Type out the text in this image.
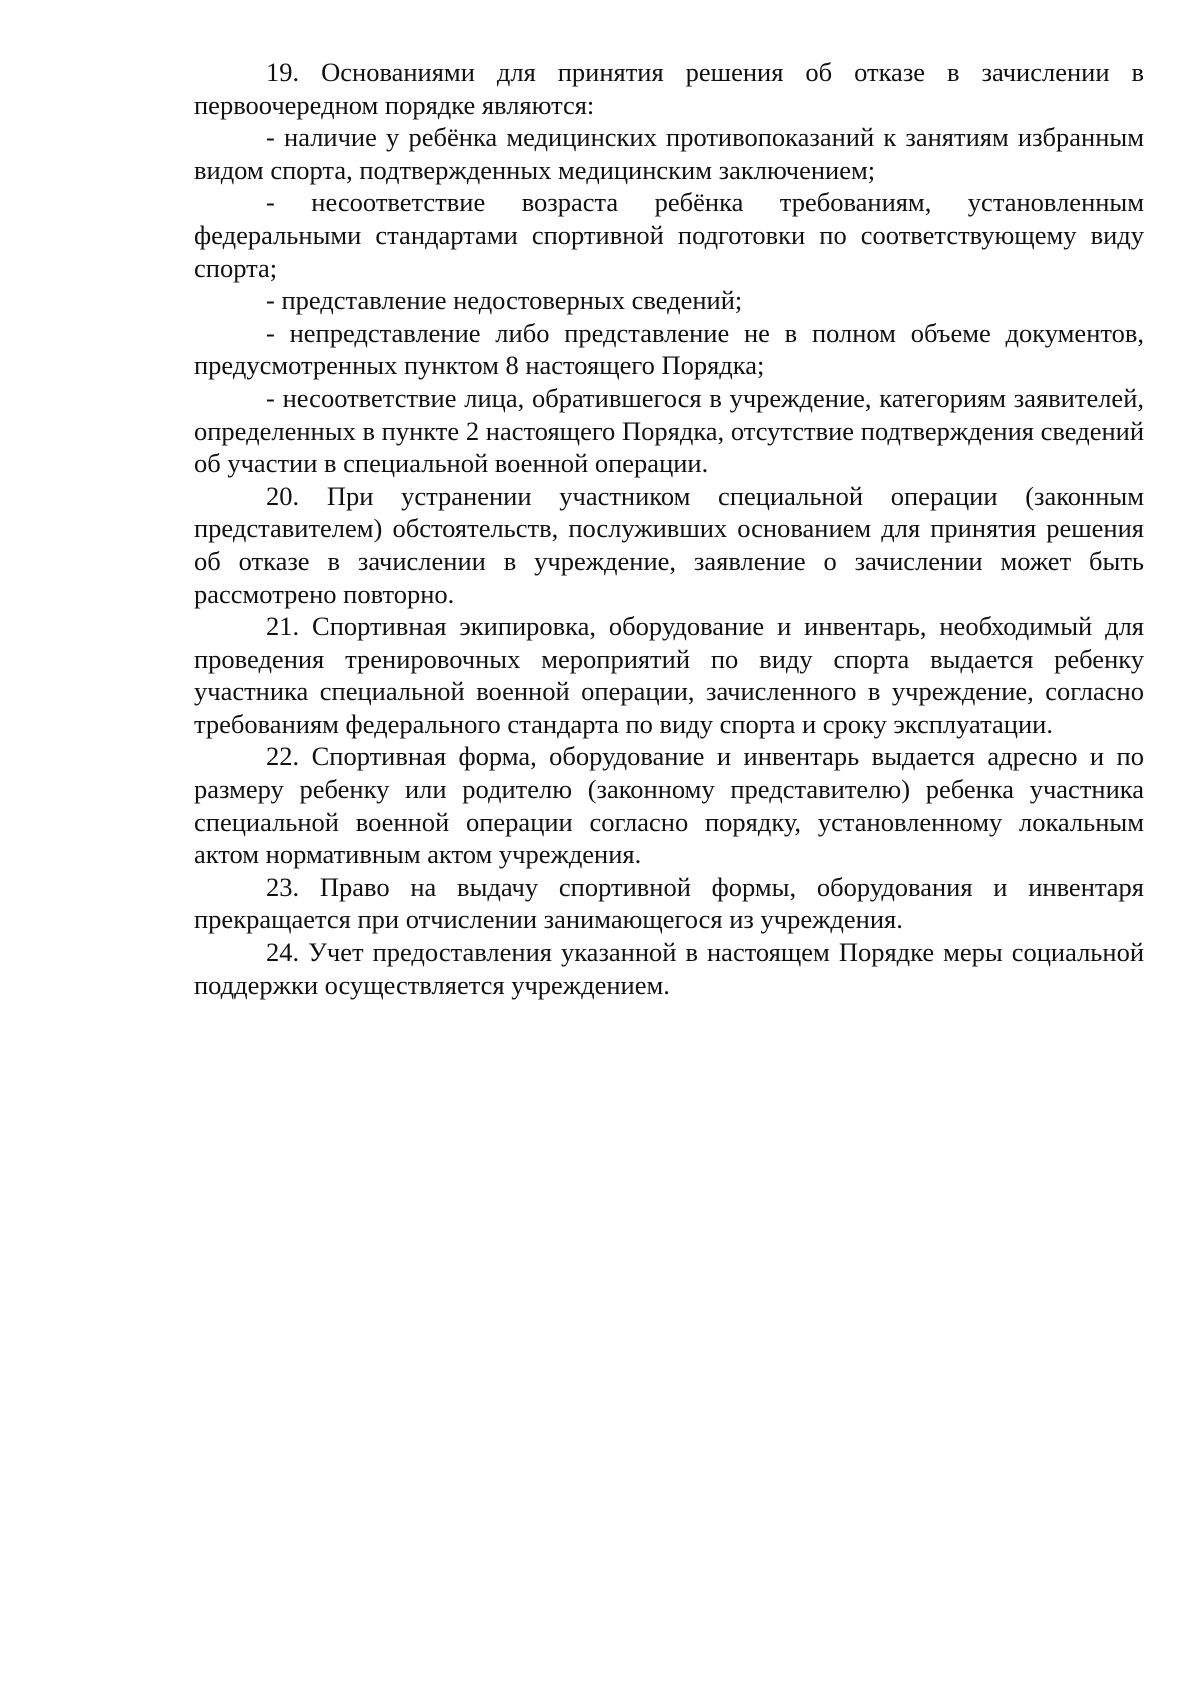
19. Основаниями для принятия решения об отказе в зачислении в первоочередном порядке являются:

- наличие у ребёнка медицинских противопоказаний к занятиям избранным видом спорта, подтвержденных медицинским заключением;

- несоответствие возраста ребёнка требованиям, установленным федеральными стандартами спортивной подготовки по соответствующему виду спорта;

- представление недостоверных сведений;

- непредставление либо представление не в полном объеме документов, предусмотренных пунктом 8 настоящего Порядка;

- несоответствие лица, обратившегося в учреждение, категориям заявителей, определенных в пункте 2 настоящего Порядка, отсутствие подтверждения сведений об участии в специальной военной операции.

20. При устранении участником специальной операции (законным представителем) обстоятельств, послуживших основанием для принятия решения об отказе в зачислении в учреждение, заявление о зачислении может быть рассмотрено повторно.

21. Спортивная экипировка, оборудование и инвентарь, необходимый для проведения тренировочных мероприятий по виду спорта выдается ребенку участника специальной военной операции, зачисленного в учреждение, согласно требованиям федерального стандарта по виду спорта и сроку эксплуатации.

22. Спортивная форма, оборудование и инвентарь выдается адресно и по размеру ребенку или родителю (законному представителю) ребенка участника специальной военной операции согласно порядку, установленному локальным актом нормативным актом учреждения.

23. Право на выдачу спортивной формы, оборудования и инвентаря прекращается при отчислении занимающегося из учреждения.

24. Учет предоставления указанной в настоящем Порядке меры социальной поддержки осуществляется учреждением.
